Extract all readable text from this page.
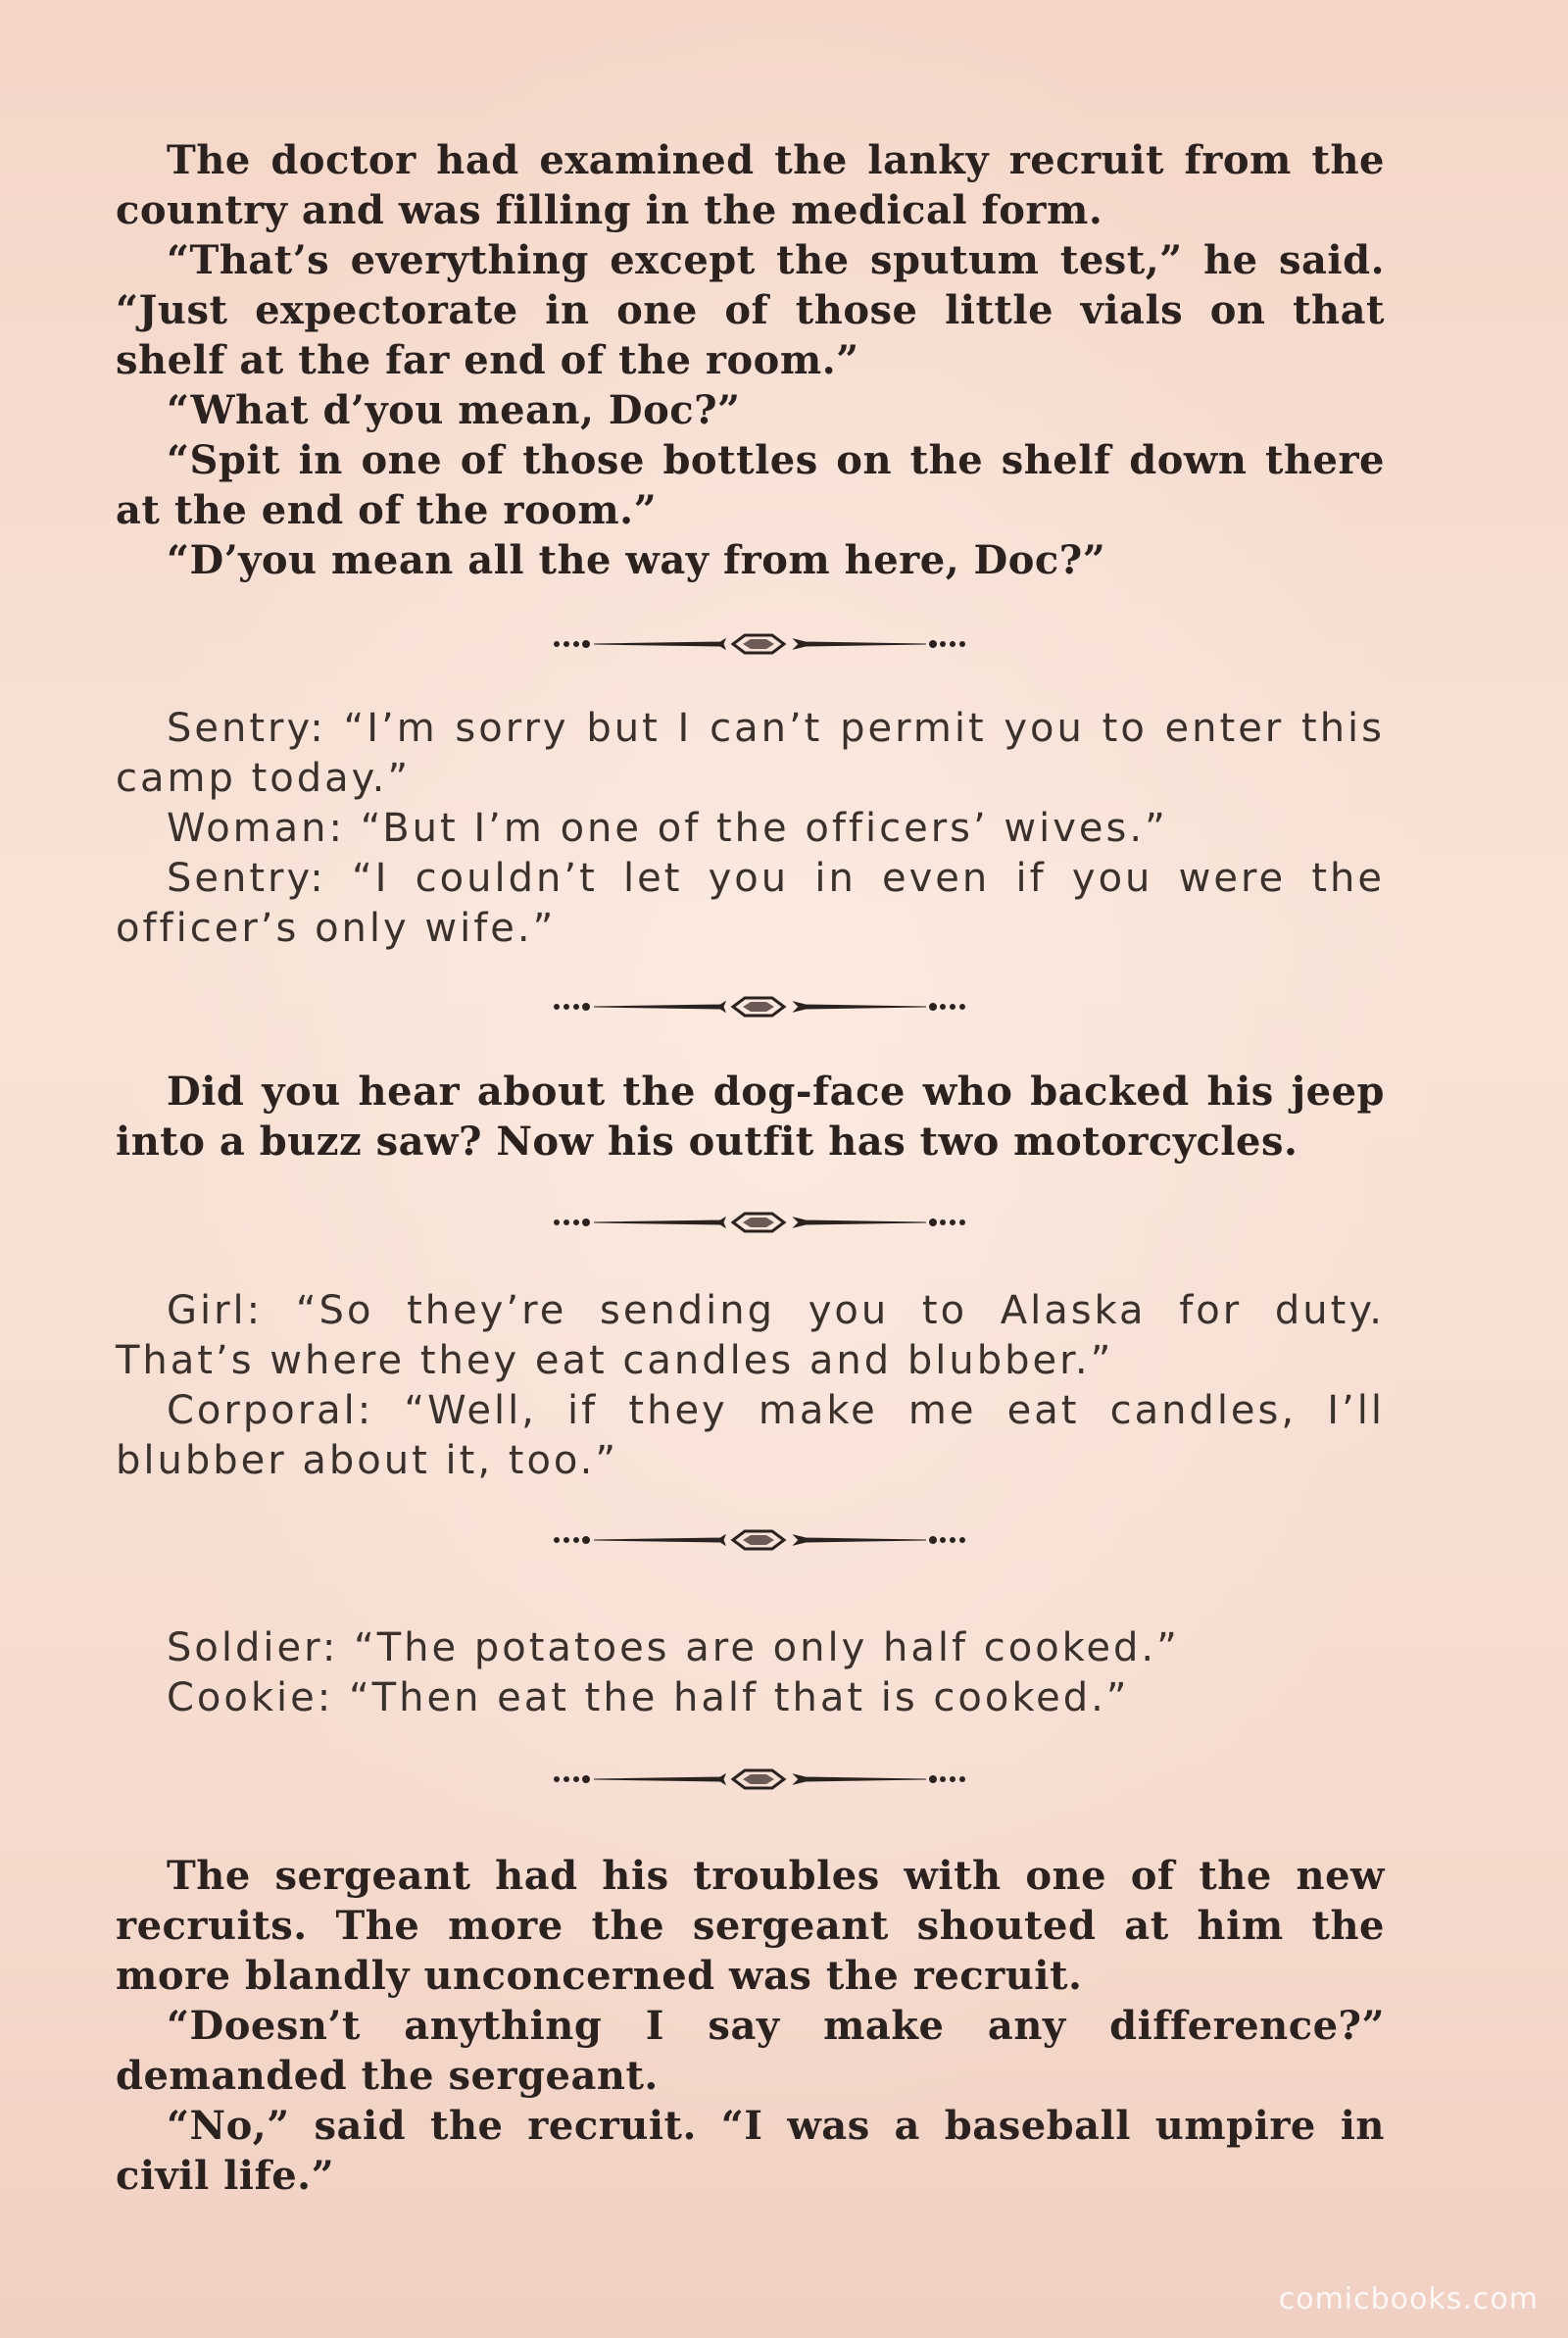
The doctor had examined the lanky recruit from the country and was filling in the medical form.

“That’s everything except the sputum test,” he said. “Just expectorate in one of those little vials on that shelf at the far end of the room.”

“What d’you mean, Doc?”

“Spit in one of those bottles on the shelf down there at the end of the room.”

“D’you mean all the way from here, Doc?”

Sentry: “I’m sorry but I can’t permit you to enter this camp today.”

Woman: “But I’m one of the officers’ wives.”

Sentry: “I couldn’t let you in even if you were the officer’s only wife.”

Did you hear about the dog-face who backed his jeep into a buzz saw? Now his outfit has two motorcycles.

Girl: “So they’re sending you to Alaska for duty. That’s where they eat candles and blubber.”

Corporal: “Well, if they make me eat candles, I’ll blubber about it, too.”

Soldier: “The potatoes are only half cooked.”

Cookie: “Then eat the half that is cooked.”

The sergeant had his troubles with one of the new recruits. The more the sergeant shouted at him the more blandly unconcerned was the recruit.

“Doesn’t anything I say make any difference?” demanded the sergeant.

“No,” said the recruit. “I was a baseball umpire in civil life.”

comicbooks.com
